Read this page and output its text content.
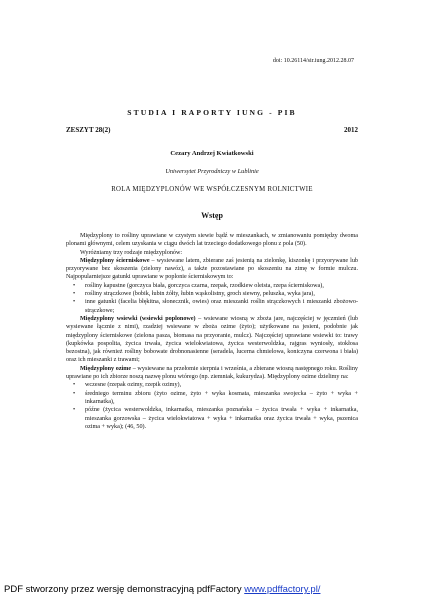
doi: 10.26114/sir.iung.2012.28.07
STUDIA I RAPORTY IUNG - PIB
ZESZYT 28(2)	2012
Cezary Andrzej Kwiatkowski
Uniwersytet Przyrodniczy w Lublinie
ROLA MIĘDZYPLONÓW WE WSPÓŁCZESNYM ROLNICTWIE
Wstęp

Międzyplony to rośliny uprawiane w czystym siewie bądź w mieszankach, w zmianowaniu pomiędzy dwoma plonami głównymi, celem uzyskania w ciągu dwóch lat trzeciego dodatkowego plonu z pola (50).

Wyróżniamy trzy rodzaje międzyplonów:

Międzyplony ścierniskowe – wysiewane latem, zbierane zaś jesienią na zielonkę, kiszonkę i przyorywane lub przyorywane bez skoszenia (zielony nawóz), a także pozostawiane po skoszeniu na zimę w formie mulczu. Najpopularniejsze gatunki uprawiane w poplonie ścierniskowym to:

• rośliny kapustne (gorczyca biała, gorczyca czarna, rzepak, rzodkiew oleista, rzepa ścierniskowa),
• rośliny strączkowe (bobik, łubin żółty, łubin wąskolistny, groch siewny, peluszka, wyka jara),
• inne gatunki (facelia błękitna, słonecznik, owies) oraz mieszanki roślin strączkowych i mieszanki zbożowo-strączkowe;

Międzyplony wsiewki (wsiewki poplonowe) – wsiewane wiosną w zboża jare, najczęściej w jęczmień (lub wysiewane łącznie z nimi), rzadziej wsiewane w zboża ozime (żyto); użytkowane na jesieni, podobnie jak międzyplony ścierniskowe (zielona pasza, biomasa na przyoranie, mulcz). Najczęściej uprawiane wsiewki to: trawy (kupkówka pospolita, życica trwała, życica wielokwiatowa, życica westerwoldzka, rajgras wyniosły, stokłosa bezostna), jak również rośliny bobowate drobnonasienne (seradela, lucerna chmielowa, koniczyna czerwona i biała) oraz ich mieszanki z trawami;

Międzyplony ozime – wysiewane na przełomie sierpnia i września, a zbierane wiosną następnego roku. Rośliny uprawiane po ich zbiorze noszą nazwę plonu wtórego (np. ziemniak, kukurydza). Międzyplony ozime dzielimy na:

• wczesne (rzepak ozimy, rzepik ozimy),
• średniego terminu zbioru (żyto ozime, żyto + wyka kosmata, mieszanka swojecka – żyto + wyka + inkarnatka),
• późne (życica westerwoldzka, inkarnatka, mieszanka poznańska – życica trwała + wyka + inkarnatka, mieszanka gorzowska – życica wielokwiatowa + wyka + inkarnatka oraz życica trwała + wyka, pszenica ozima + wyka); (46, 50).
PDF stworzony przez wersję demonstracyjną pdfFactory www.pdffactory.pl/
